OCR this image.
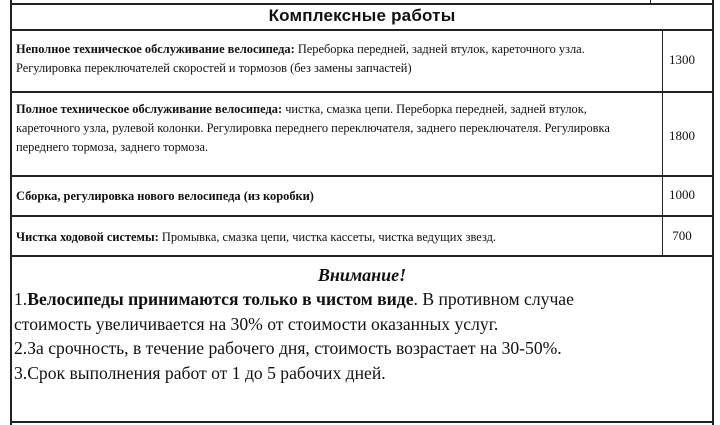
Комплексные работы
Неполное техническое обслуживание велосипеда: Переборка передней, задней втулок, кареточного узла. Регулировка переключателей скоростей и тормозов (без замены запчастей)
1300
Полное техническое обслуживание велосипеда: чистка, смазка цепи. Переборка передней, задней втулок, кареточного узла, рулевой колонки. Регулировка переднего переключателя, заднего переключателя. Регулировка переднего тормоза, заднего тормоза.
1800
Сборка, регулировка нового велосипеда (из коробки)	1000
Чистка ходовой системы: Промывка, смазка цепи, чистка кассеты, чистка ведущих звезд.	700
Внимание!
1.Велосипеды принимаются только в чистом виде. В противном случае
стоимость увеличивается на 30% от стоимости оказанных услуг.
2.За срочность, в течение рабочего дня, стоимость возрастает на 30-50%.
3.Срок выполнения работ от 1 до 5 рабочих дней.
